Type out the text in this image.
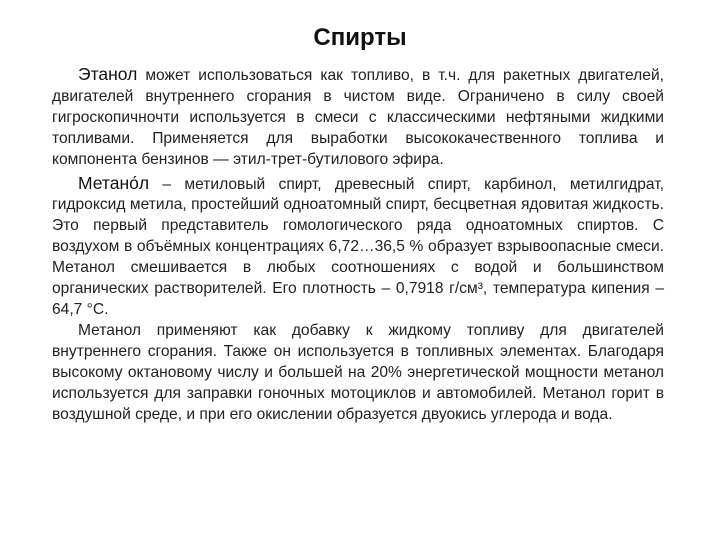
Спирты

Этанол может использоваться как топливо, в т.ч. для ракетных двигателей, двигателей внутреннего сгорания в чистом виде. Ограничено в силу своей гигроскопичночти используется в смеси с классическими нефтяными жидкими топливами. Применяется для выработки высококачественного топлива и компонента бензинов — этил-трет-бутилового эфира.

Метано́л – метиловый спирт, древесный спирт, карбинол, метилгидрат, гидроксид метила, простейший одноатомный спирт, бесцветная ядовитая жидкость. Это первый представитель гомологического ряда одноатомных спиртов. С воздухом в объёмных концентрациях 6,72…36,5 % образует взрывоопасные смеси. Метанол смешивается в любых соотношениях с водой и большинством органических растворителей. Его плотность – 0,7918 г/см³, температура кипения – 64,7 °C.

Метанол применяют как добавку к жидкому топливу для двигателей внутреннего сгорания. Также он используется в топливных элементах. Благодаря высокому октановому числу и большей на 20% энергетической мощности метанол используется для заправки гоночных мотоциклов и автомобилей. Метанол горит в воздушной среде, и при его окислении образуется двуокись углерода и вода.
